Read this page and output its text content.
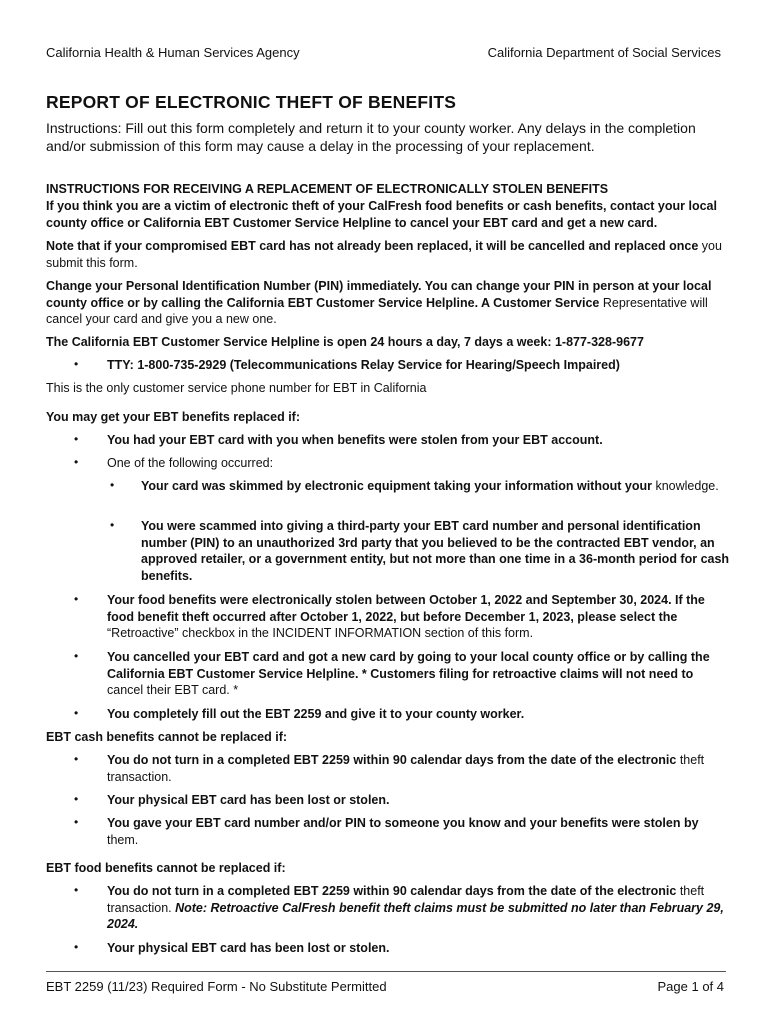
California Health & Human Services Agency	California Department of Social Services
REPORT OF ELECTRONIC THEFT OF BENEFITS
Instructions: Fill out this form completely and return it to your county worker. Any delays in the completion and/or submission of this form may cause a delay in the processing of your replacement.
INSTRUCTIONS FOR RECEIVING A REPLACEMENT OF ELECTRONICALLY STOLEN BENEFITS
If you think you are a victim of electronic theft of your CalFresh food benefits or cash benefits, contact your local county office or California EBT Customer Service Helpline to cancel your EBT card and get a new card.
Note that if your compromised EBT card has not already been replaced, it will be cancelled and replaced once you submit this form.
Change your Personal Identification Number (PIN) immediately. You can change your PIN in person at your local county office or by calling the California EBT Customer Service Helpline. A Customer Service Representative will cancel your card and give you a new one.
The California EBT Customer Service Helpline is open 24 hours a day, 7 days a week: 1-877-328-9677
• TTY: 1-800-735-2929 (Telecommunications Relay Service for Hearing/Speech Impaired)
This is the only customer service phone number for EBT in California
You may get your EBT benefits replaced if:
• You had your EBT card with you when benefits were stolen from your EBT account.
• One of the following occurred:
• Your card was skimmed by electronic equipment taking your information without your knowledge.
• You were scammed into giving a third-party your EBT card number and personal identification number (PIN) to an unauthorized 3rd party that you believed to be the contracted EBT vendor, an approved retailer, or a government entity, but not more than one time in a 36-month period for cash benefits.
• Your food benefits were electronically stolen between October 1, 2022 and September 30, 2024. If the food benefit theft occurred after October 1, 2022, but before December 1, 2023, please select the “Retroactive” checkbox in the INCIDENT INFORMATION section of this form.
• You cancelled your EBT card and got a new card by going to your local county office or by calling the California EBT Customer Service Helpline. * Customers filing for retroactive claims will not need to cancel their EBT card. *
• You completely fill out the EBT 2259 and give it to your county worker.
EBT cash benefits cannot be replaced if:
• You do not turn in a completed EBT 2259 within 90 calendar days from the date of the electronic theft transaction.
• Your physical EBT card has been lost or stolen.
• You gave your EBT card number and/or PIN to someone you know and your benefits were stolen by them.
EBT food benefits cannot be replaced if:
• You do not turn in a completed EBT 2259 within 90 calendar days from the date of the electronic theft transaction. Note: Retroactive CalFresh benefit theft claims must be submitted no later than February 29, 2024.
• Your physical EBT card has been lost or stolen.
EBT 2259 (11/23) Required Form - No Substitute Permitted	Page 1 of 4
